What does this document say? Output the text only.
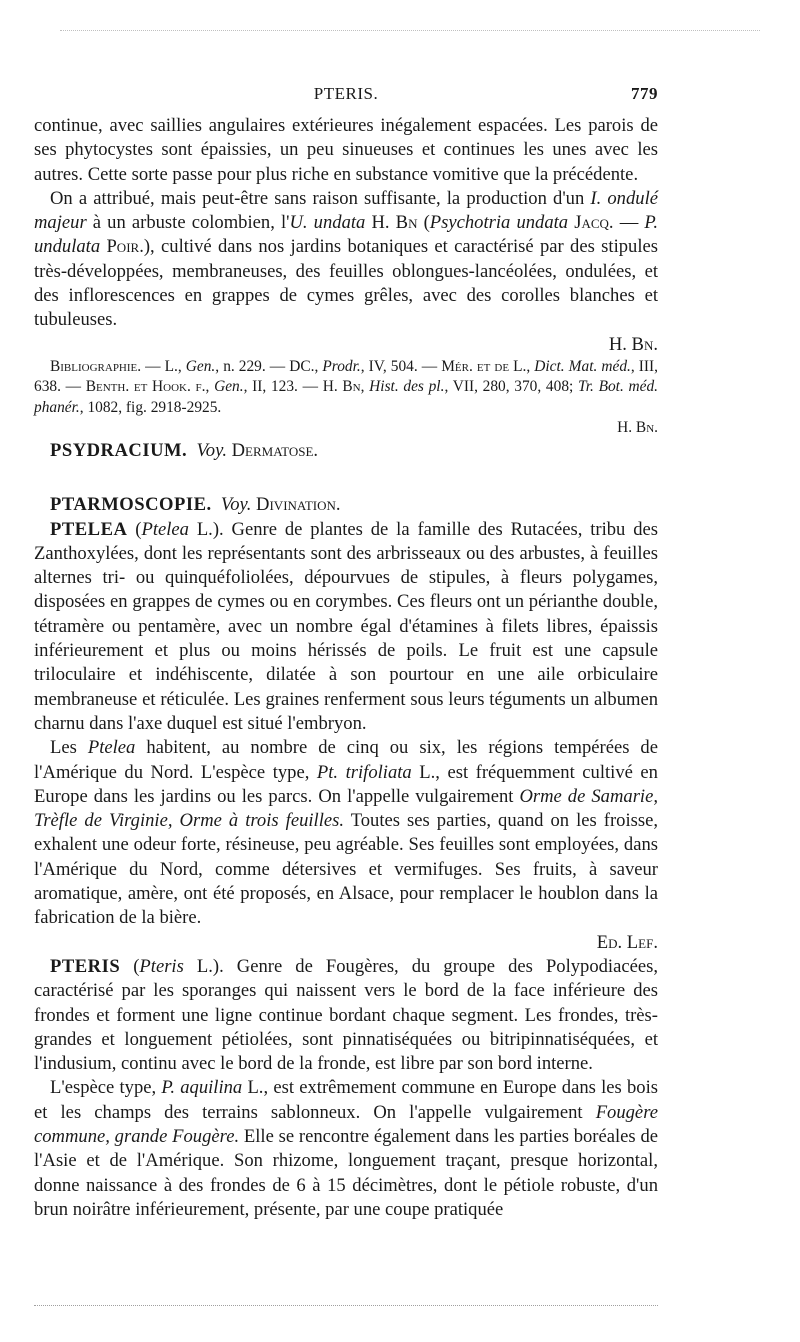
PTERIS.	779

continue, avec saillies angulaires extérieures inégalement espacées. Les parois de ses phytocystes sont épaissies, un peu sinueuses et continues les unes avec les autres. Cette sorte passe pour plus riche en substance vomitive que la précédente.

On a attribué, mais peut-être sans raison suffisante, la production d'un I. ondulé majeur à un arbuste colombien, l'U. undata H. Bn (Psychotria undata Jacq. — P. undulata Poir.), cultivé dans nos jardins botaniques et caractérisé par des stipules très-développées, membraneuses, des feuilles oblongues-lancéolées, ondulées, et des inflorescences en grappes de cymes grêles, avec des corolles blanches et tubuleuses.
H. Bn.

Bibliographie. — L., Gen., n. 229. — DC., Prodr., IV, 504. — Mér. et de L., Dict. Mat. méd., III, 638. — Benth. et Hook. f., Gen., II, 123. — H. Bn, Hist. des pl., VII, 280, 370, 408; Tr. Bot. méd. phanér., 1082, fig. 2918-2925.
H. Bn.

PSYDRACIUM. Voy. Dermatose.

PTARMOSCOPIE. Voy. Divination.

PTELEA (Ptelea L.). Genre de plantes de la famille des Rutacées, tribu des Zanthoxylées, dont les représentants sont des arbrisseaux ou des arbustes, à feuilles alternes tri- ou quinquéfoliolées, dépourvues de stipules, à fleurs polygames, disposées en grappes de cymes ou en corymbes. Ces fleurs ont un périanthe double, tétramère ou pentamère, avec un nombre égal d'étamines à filets libres, épaissis inférieurement et plus ou moins hérissés de poils. Le fruit est une capsule triloculaire et indéhiscente, dilatée à son pourtour en une aile orbiculaire membraneuse et réticulée. Les graines renferment sous leurs téguments un albumen charnu dans l'axe duquel est situé l'embryon.

Les Ptelea habitent, au nombre de cinq ou six, les régions tempérées de l'Amérique du Nord. L'espèce type, Pt. trifoliata L., est fréquemment cultivé en Europe dans les jardins ou les parcs. On l'appelle vulgairement Orme de Samarie, Trèfle de Virginie, Orme à trois feuilles. Toutes ses parties, quand on les froisse, exhalent une odeur forte, résineuse, peu agréable. Ses feuilles sont employées, dans l'Amérique du Nord, comme détersives et vermifuges. Ses fruits, à saveur aromatique, amère, ont été proposés, en Alsace, pour remplacer le houblon dans la fabrication de la bière.
Ed. Lef.

PTERIS (Pteris L.). Genre de Fougères, du groupe des Polypodiacées, caractérisé par les sporanges qui naissent vers le bord de la face inférieure des frondes et forment une ligne continue bordant chaque segment. Les frondes, très-grandes et longuement pétiolées, sont pinnatiséquées ou bitripinnatiséquées, et l'indusium, continu avec le bord de la fronde, est libre par son bord interne.

L'espèce type, P. aquilina L., est extrêmement commune en Europe dans les bois et les champs des terrains sablonneux. On l'appelle vulgairement Fougère commune, grande Fougère. Elle se rencontre également dans les parties boréales de l'Asie et de l'Amérique. Son rhizome, longuement traçant, presque horizontal, donne naissance à des frondes de 6 à 15 décimètres, dont le pétiole robuste, d'un brun noirâtre inférieurement, présente, par une coupe pratiquée
